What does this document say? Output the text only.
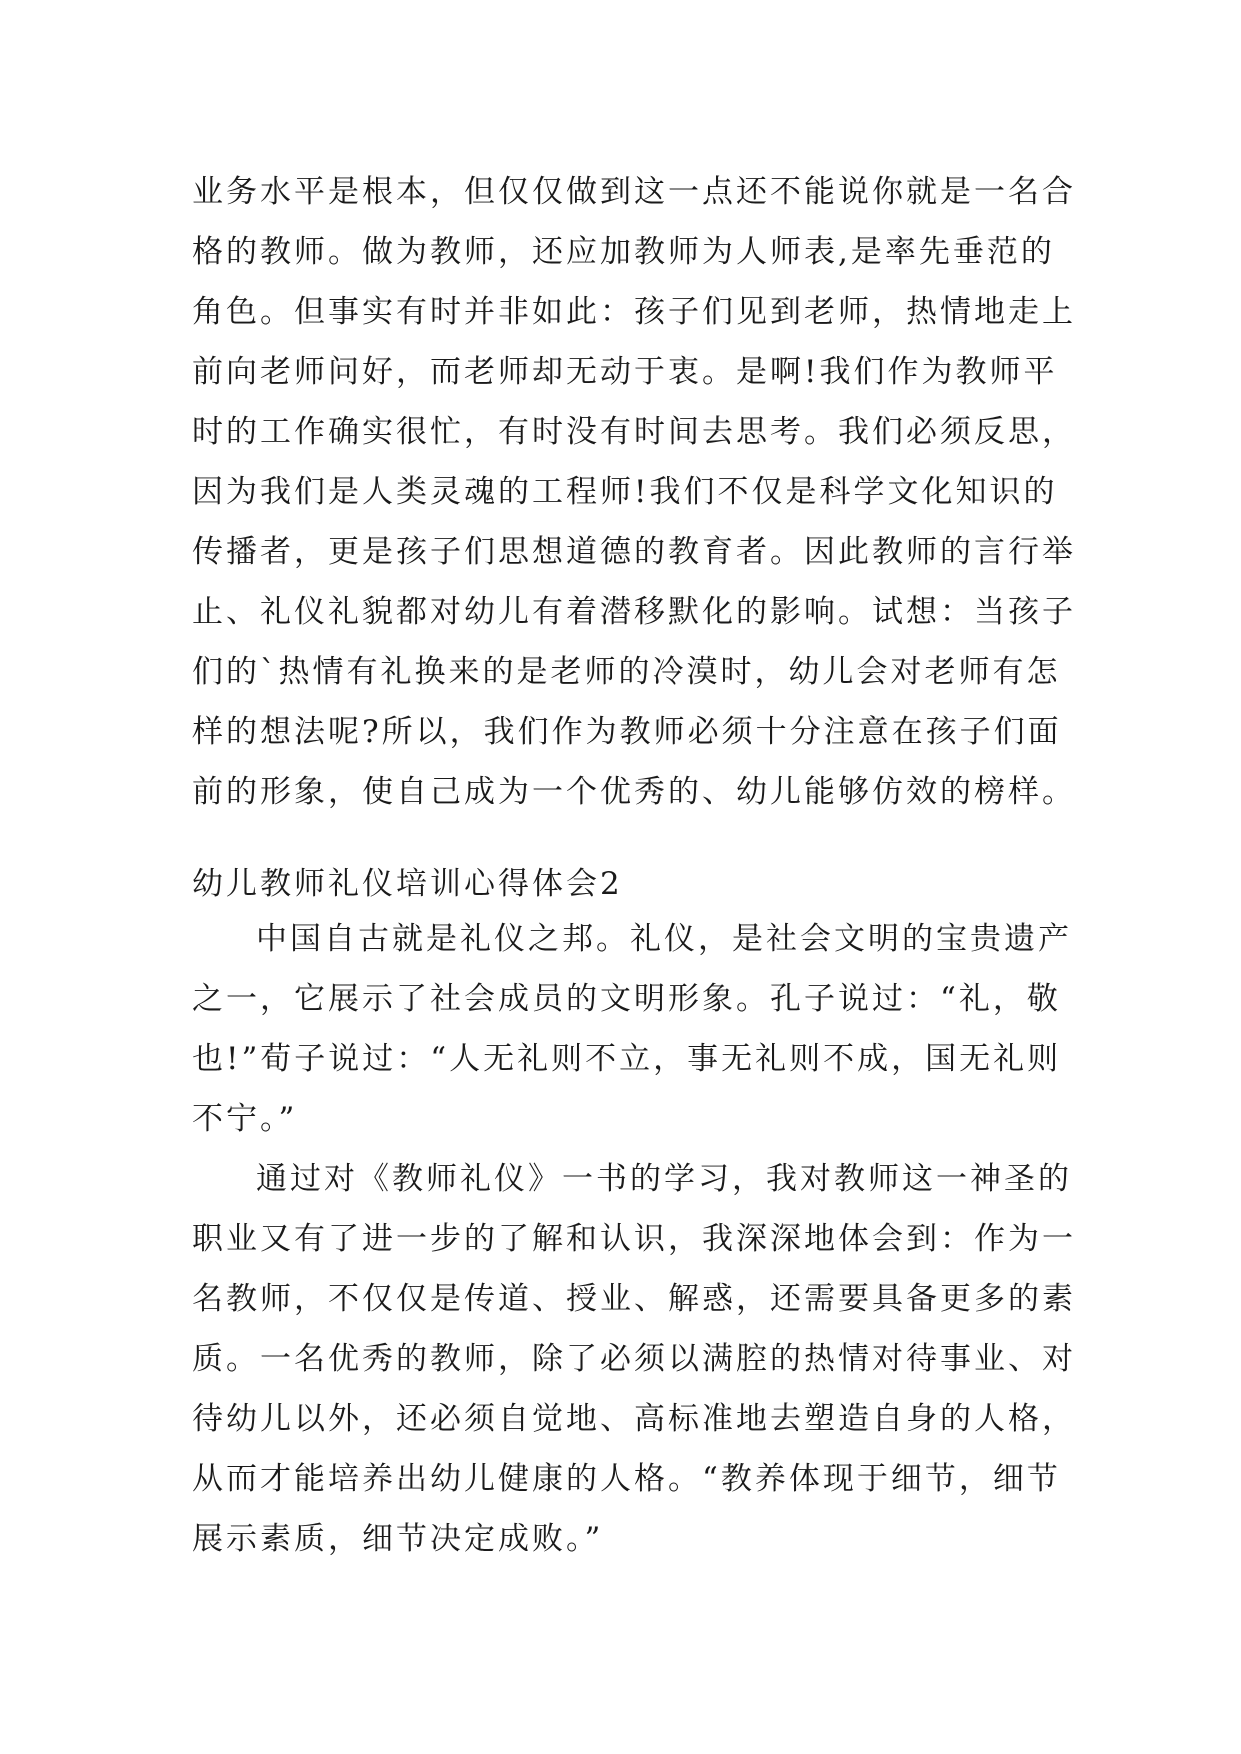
业务水平是根本，但仅仅做到这一点还不能说你就是一名合
格的教师。做为教师，还应加教师为人师表,是率先垂范的
角色。但事实有时并非如此：孩子们见到老师，热情地走上
前向老师问好，而老师却无动于衷。是啊!我们作为教师平
时的工作确实很忙，有时没有时间去思考。我们必须反思，
因为我们是人类灵魂的工程师!我们不仅是科学文化知识的
传播者，更是孩子们思想道德的教育者。因此教师的言行举
止、礼仪礼貌都对幼儿有着潜移默化的影响。试想：当孩子
们的`热情有礼换来的是老师的冷漠时，幼儿会对老师有怎
样的想法呢?所以，我们作为教师必须十分注意在孩子们面
前的形象，使自己成为一个优秀的、幼儿能够仿效的榜样。
幼儿教师礼仪培训心得体会2
中国自古就是礼仪之邦。礼仪，是社会文明的宝贵遗产
之一，它展示了社会成员的文明形象。孔子说过：“礼，敬
也!”荀子说过：“人无礼则不立，事无礼则不成，国无礼则
不宁。”
通过对《教师礼仪》一书的学习，我对教师这一神圣的
职业又有了进一步的了解和认识，我深深地体会到：作为一
名教师，不仅仅是传道、授业、解惑，还需要具备更多的素
质。一名优秀的教师，除了必须以满腔的热情对待事业、对
待幼儿以外，还必须自觉地、高标准地去塑造自身的人格，
从而才能培养出幼儿健康的人格。“教养体现于细节，细节
展示素质，细节决定成败。”
